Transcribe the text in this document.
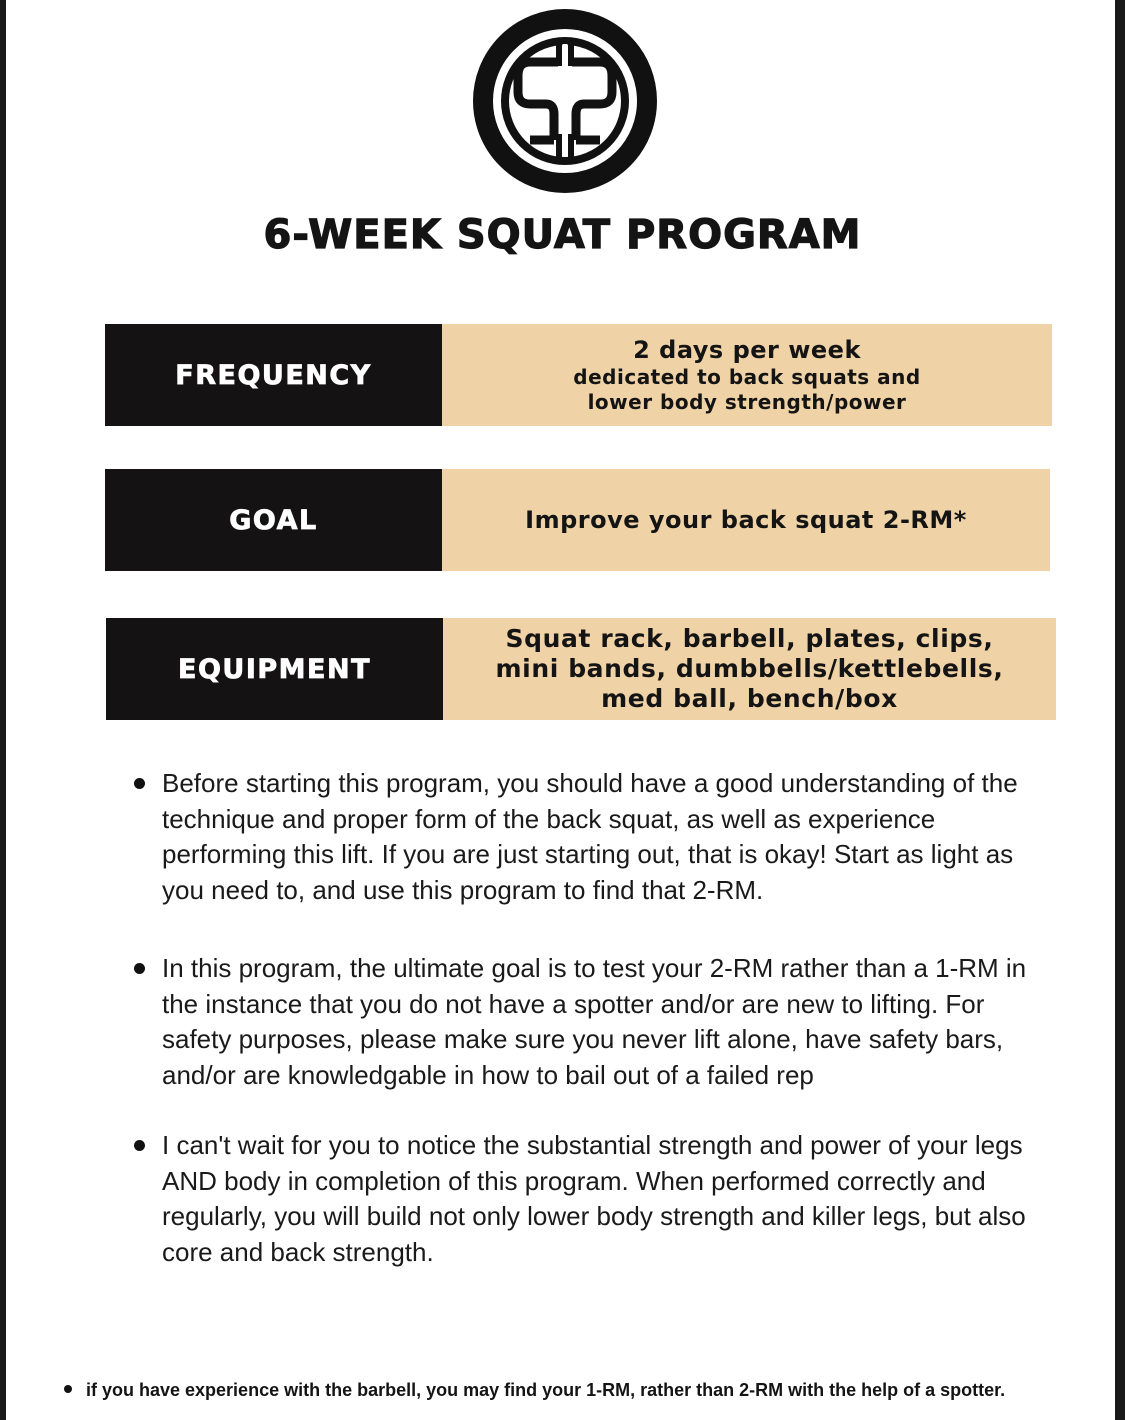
6-WEEK SQUAT PROGRAM
FREQUENCY
2 days per week
dedicated to back squats and
lower body strength/power
GOAL	Improve your back squat 2-RM*
EQUIPMENT
Squat rack, barbell, plates, clips, mini bands, dumbbells/kettlebells, med ball, bench/box
Before starting this program, you should have a good understanding of the technique and proper form of the back squat, as well as experience performing this lift. If you are just starting out, that is okay! Start as light as you need to, and use this program to find that 2-RM.
In this program, the ultimate goal is to test your 2-RM rather than a 1-RM in the instance that you do not have a spotter and/or are new to lifting. For safety purposes, please make sure you never lift alone, have safety bars, and/or are knowledgable in how to bail out of a failed rep
I can't wait for you to notice the substantial strength and power of your legs AND body in completion of this program. When performed correctly and regularly, you will build not only lower body strength and killer legs, but also core and back strength.
if you have experience with the barbell, you may find your 1-RM, rather than 2-RM with the help of a spotter.
